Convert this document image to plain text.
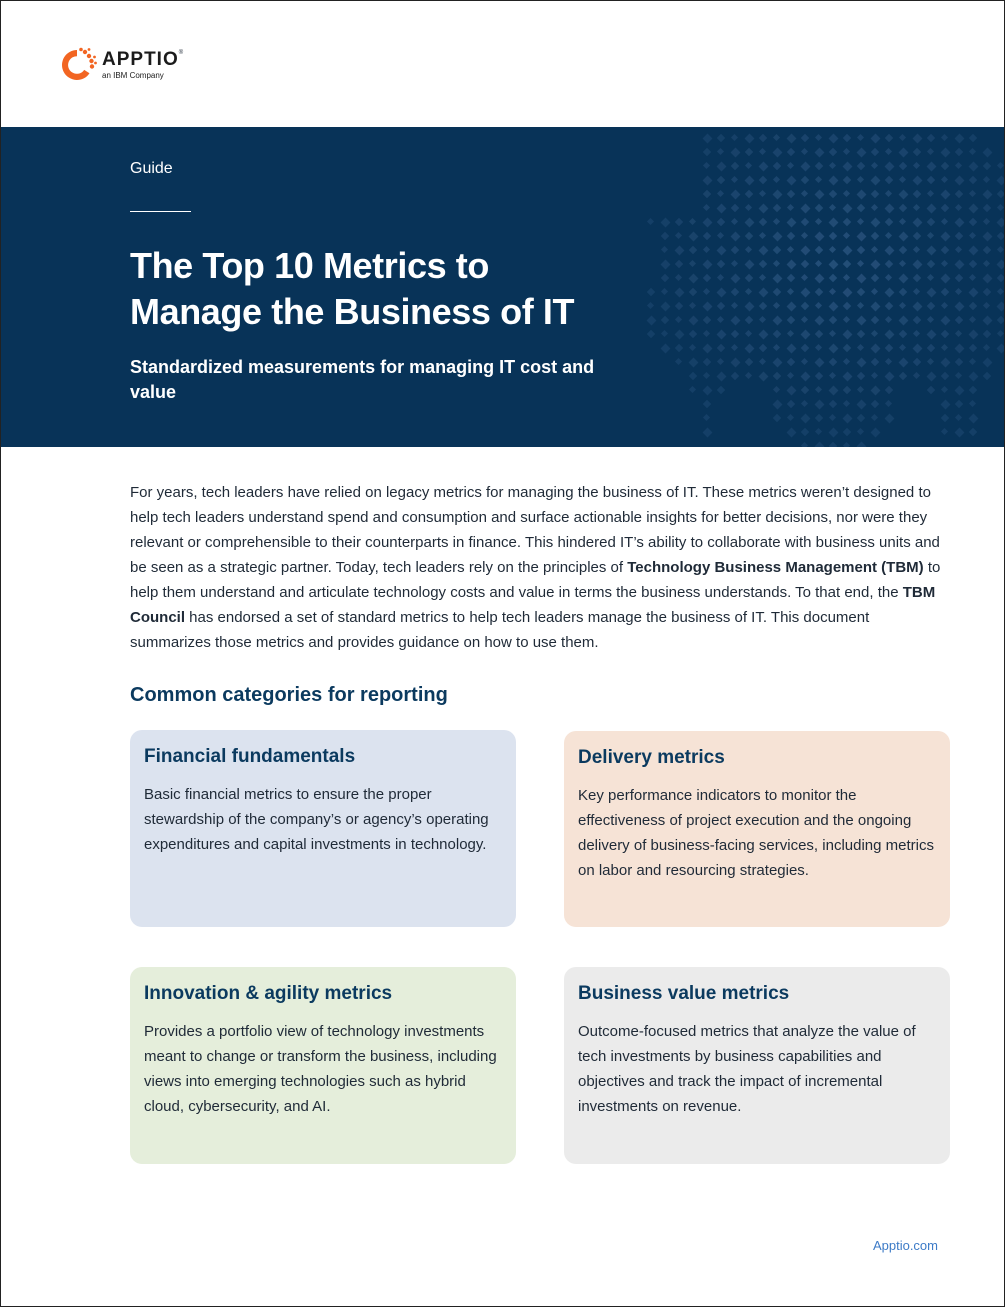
APPTIO®
an IBM Company
Guide
The Top 10 Metrics to
Manage the Business of IT

Standardized measurements for managing IT cost and value

For years, tech leaders have relied on legacy metrics for managing the business of IT. These metrics weren’t designed to help tech leaders understand spend and consumption and surface actionable insights for better decisions, nor were they relevant or comprehensible to their counterparts in finance. This hindered IT’s ability to collaborate with business units and be seen as a strategic partner. Today, tech leaders rely on the principles of Technology Business Management (TBM) to help them understand and articulate technology costs and value in terms the business understands. To that end, the TBM Council has endorsed a set of standard metrics to help tech leaders manage the business of IT. This document summarizes those metrics and provides guidance on how to use them.

Common categories for reporting
Financial fundamentals

Basic financial metrics to ensure the proper stewardship of the company’s or agency’s operating expenditures and capital investments in technology.

Delivery metrics

Key performance indicators to monitor the effectiveness of project execution and the ongoing delivery of business-facing services, including metrics on labor and resourcing strategies.

Innovation & agility metrics

Provides a portfolio view of technology investments meant to change or transform the business, including views into emerging technologies such as hybrid cloud, cybersecurity, and AI.

Business value metrics

Outcome-focused metrics that analyze the value of tech investments by business capabilities and objectives and track the impact of incremental investments on revenue.

Apptio.com
